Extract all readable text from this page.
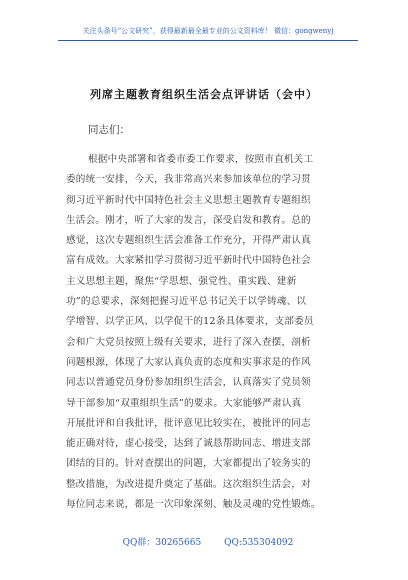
关注头条号“公文研究”，获得最新最全最专业的公文资料库！ 微信：gongwenyj
列席主题教育组织生活会点评讲话（会中）
同志们：
根据中央部署和省委市委工作要求，按照市直机关工
委的统一安排，今天，我非常高兴来参加该单位的学习贯
彻习近平新时代中国特色社会主义思想主题教育专题组织
生活会。刚才，听了大家的发言，深受启发和教育。总的
感觉，这次专题组织生活会准备工作充分，开得严肃认真
富有成效。大家紧扣学习贯彻习近平新时代中国特色社会
主义思想主题，聚焦“学思想、强党性、重实践、建新
功”的总要求，深刻把握习近平总书记关于以学铸魂、以
学增智、以学正风、以学促干的12条具体要求，支部委员
会和广大党员按照上级有关要求，进行了深入查摆，剖析
问题根源，体现了大家认真负责的态度和实事求是的作风
同志以普通党员身份参加组织生活会，认真落实了党员领
导干部参加“双重组织生活”的要求。大家能够严肃认真
开展批评和自我批评，批评意见比较实在，被批评的同志
能正确对待，虚心接受，达到了诚恳帮助同志、增进支部
团结的目的。针对查摆出的问题，大家都提出了较务实的
整改措施，为改进提升奠定了基础。这次组织生活会，对
每位同志来说，都是一次印象深刻、触及灵魂的党性锻炼。
QQ群：30265665	QQ:535304092
